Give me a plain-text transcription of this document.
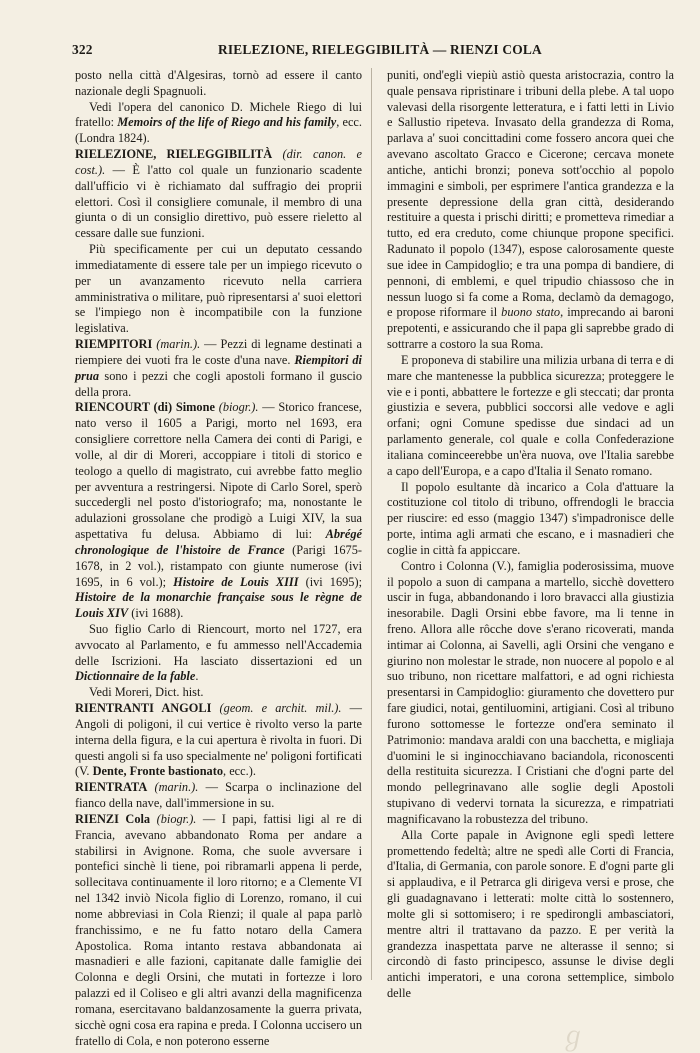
322	RIELEZIONE, RIELEGGIBILITÀ — RIENZI COLA

posto nella città d'Algesiras, tornò ad essere il canto nazionale degli Spagnuoli.

Vedi l'opera del canonico D. Michele Riego di lui fratello: Memoirs of the life of Riego and his family, ecc. (Londra 1824).

RIELEZIONE, RIELEGGIBILITÀ (dir. canon. e cost.). — È l'atto col quale un funzionario scadente dall'ufficio vi è richiamato dal suffragio dei proprii elettori. Così il consigliere comunale, il membro di una giunta o di un consiglio direttivo, può essere rieletto al cessare dalle sue funzioni.

Più specificamente per cui un deputato cessando immediatamente di essere tale per un impiego ricevuto o per un avanzamento ricevuto nella carriera amministrativa o militare, può ripresentarsi a' suoi elettori se l'impiego non è incompatibile con la funzione legislativa.

RIEMPITORI (marin.). — Pezzi di legname destinati a riempiere dei vuoti fra le coste d'una nave. Riempitori di prua sono i pezzi che cogli apostoli formano il guscio della prora.

RIENCOURT (di) Simone (biogr.). — Storico francese, nato verso il 1605 a Parigi, morto nel 1693, era consigliere correttore nella Camera dei conti di Parigi, e volle, al dir di Moreri, accoppiare i titoli di storico e teologo a quello di magistrato, cui avrebbe fatto meglio per avventura a restringersi. Nipote di Carlo Sorel, sperò succedergli nel posto d'istoriografo; ma, nonostante le adulazioni grossolane che prodigò a Luigi XIV, la sua aspettativa fu delusa. Abbiamo di lui: Abrégé chronologique de l'histoire de France (Parigi 1675-1678, in 2 vol.), ristampato con giunte numerose (ivi 1695, in 6 vol.); Histoire de Louis XIII (ivi 1695); Histoire de la monarchie française sous le règne de Louis XIV (ivi 1688).

Suo figlio Carlo di Riencourt, morto nel 1727, era avvocato al Parlamento, e fu ammesso nell'Accademia delle Iscrizioni. Ha lasciato dissertazioni ed un Dictionnaire de la fable.

Vedi Moreri, Dict. hist.

RIENTRANTI ANGOLI (geom. e archit. mil.). — Angoli di poligoni, il cui vertice è rivolto verso la parte interna della figura, e la cui apertura è rivolta in fuori. Di questi angoli si fa uso specialmente ne' poligoni fortificati (V. Dente, Fronte bastionato, ecc.).

RIENTRATA (marin.). — Scarpa o inclinazione del fianco della nave, dall'immersione in su.

RIENZI Cola (biogr.). — I papi, fattisi ligi al re di Francia, avevano abbandonato Roma per andare a stabilirsi in Avignone. Roma, che suole avversare i pontefici sinchè li tiene, poi ribramarli appena li perde, sollecitava continuamente il loro ritorno; e a Clemente VI nel 1342 inviò Nicola figlio di Lorenzo, romano, il cui nome abbreviasi in Cola Rienzi; il quale al papa parlò franchissimo, e ne fu fatto notaro della Camera Apostolica. Roma intanto restava abbandonata ai masnadieri e alle fazioni, capitanate dalle famiglie dei Colonna e degli Orsini, che mutati in fortezze i loro palazzi ed il Coliseo e gli altri avanzi della magnificenza romana, esercitavano baldanzosamente la guerra privata, sicchè ogni cosa era rapina e preda. I Colonna uccisero un fratello di Cola, e non poterono esserne

puniti, ond'egli viepiù astiò questa aristocrazia, contro la quale pensava ripristinare i tribuni della plebe. A tal uopo valevasi della risorgente letteratura, e i fatti letti in Livio e Sallustio ripeteva. Invasato della grandezza di Roma, parlava a' suoi concittadini come fossero ancora quei che avevano ascoltato Gracco e Cicerone; cercava monete antiche, antichi bronzi; poneva sott'occhio al popolo immagini e simboli, per esprimere l'antica grandezza e la presente depressione della gran città, desiderando restituire a questa i prischi diritti; e promettevа rimediar a tutto, ed era creduto, come chiunque propone specifici. Radunato il popolo (1347), espose calorosamente queste sue idee in Campidoglio; e tra una pompa di bandiere, di pennoni, di emblemi, e quel tripudio chiassoso che in nessun luogo si fa come a Roma, declamò da demagogo, e propose riformare il buono stato, imprecando ai baroni prepotenti, e assicurando che il papa gli saprebbe grado di sottrarre a costoro la sua Roma.

E proponeva di stabilire una milizia urbana di terra e di mare che mantenesse la pubblica sicurezza; proteggere le vie e i ponti, abbattere le fortezze e gli steccati; dar pronta giustizia e severa, pubblici soccorsi alle vedove e agli orfani; ogni Comune spedisse due sindaci ad un parlamento generale, col quale e colla Confederazione italiana cominceerebbe un'èra nuova, ove l'Italia sarebbe a capo dell'Europa, e a capo d'Italia il Senato romano.

Il popolo esultante dà incarico a Cola d'attuare la costituzione col titolo di tribuno, offrendogli le braccia per riuscire: ed esso (maggio 1347) s'impadronisce delle porte, intima agli armati che escano, e i masnadieri che coglie in città fa appiccare.

Contro i Colonna (V.), famiglia poderosissima, muove il popolo a suon di campana a martello, sicchè dovettero uscir in fuga, abbandonando i loro bravacci alla giustizia inesorabile. Dagli Orsini ebbe favore, ma li tenne in freno. Allora alle rôcche dove s'erano ricoverati, manda intimar ai Colonna, ai Savelli, agli Orsini che vengano e giurino non molestar le strade, non nuocere al popolo e al suo tribuno, non ricettare malfattori, e ad ogni richiesta presentarsi in Campidoglio: giuramento che dovettero pur fare giudici, notai, gentiluomini, artigiani. Così al tribuno furono sottomesse le fortezze ond'era seminato il Patrimonio: mandava araldi con una bacchetta, e migliaja d'uomini le si inginocchiavano baciandola, riconoscenti della restituita sicurezza. I Cristiani che d'ogni parte del mondo pellegrinavano alle soglie degli Apostoli stupivano di vedervi tornata la sicurezza, e rimpatriati magnificavano la robustezza del tribuno.

Alla Corte papale in Avignone egli spedì lettere promettendo fedeltà; altre ne spedì alle Corti di Francia, d'Italia, di Germania, con parole sonore. E d'ogni parte gli si applaudiva, e il Petrarca gli dirigeva versi e prose, che gli guadagnavano i letterati: molte città lo sostennero, molte gli si sottomisero; i re spedirongli ambasciatori, mentre altri il trattavano da pazzo. E per verità la grandezza inaspettata parve ne alterasse il senno; si circondò di fasto principesco, assunse le divise degli antichi imperatori, e una corona settemplice, simbolo delle

ℊ
